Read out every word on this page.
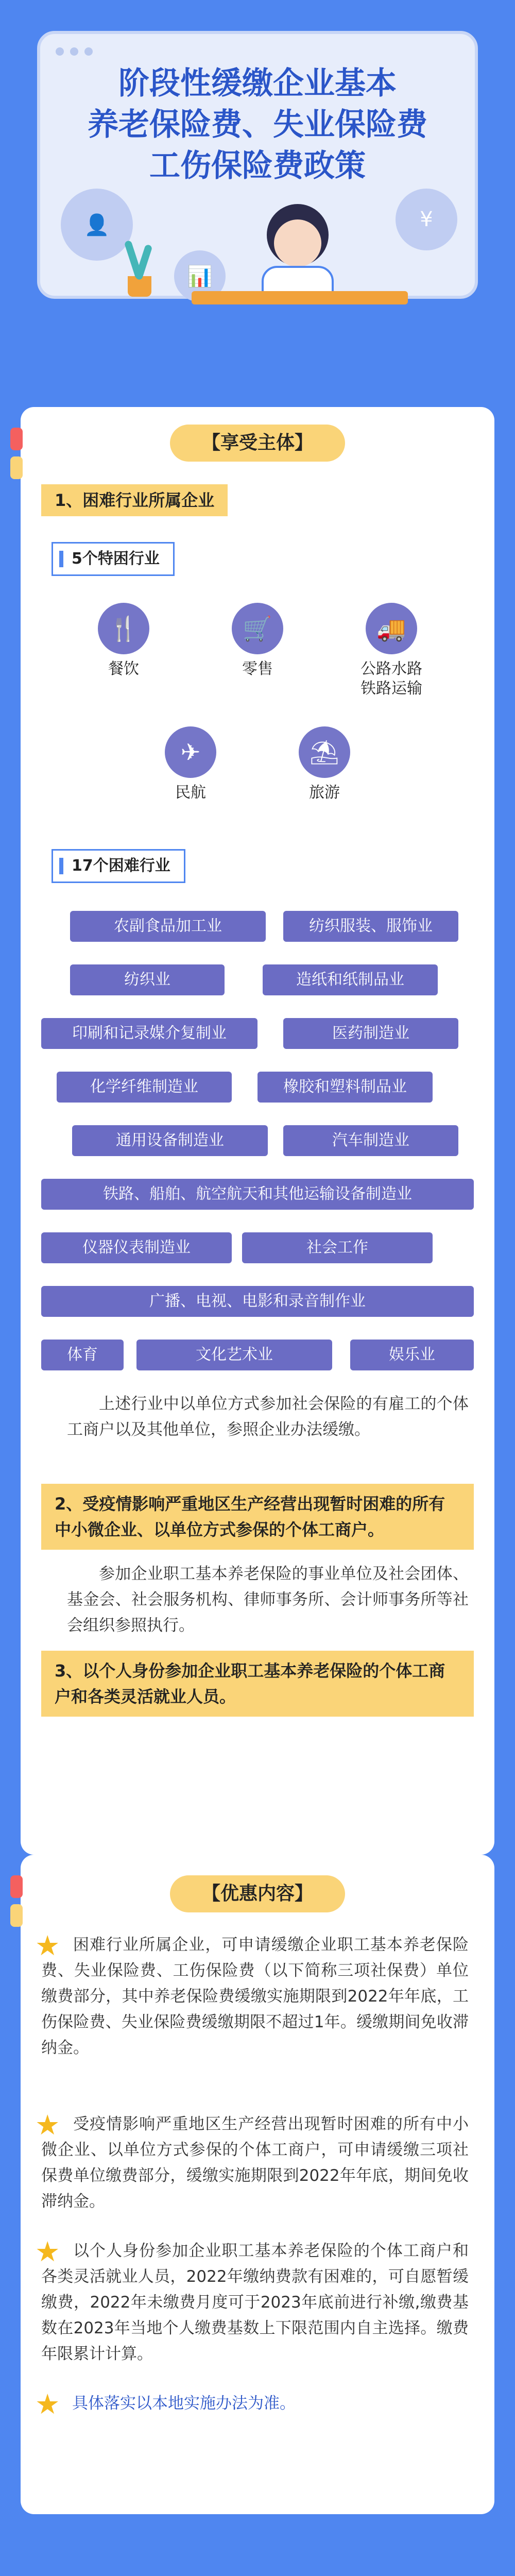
阶段性缓缴企业基本
养老保险费、失业保险费
工伤保险费政策
👤
📊
¥
【享受主体】
1、困难行业所属企业
5个特困行业
🍴
餐饮
🛒
零售
🚚
公路水路
铁路运输
✈
民航
⛱
旅游
17个困难行业
农副食品加工业	纺织服装、服饰业
纺织业	造纸和纸制品业
印刷和记录媒介复制业	医药制造业
化学纤维制造业	橡胶和塑料制品业
通用设备制造业	汽车制造业
铁路、船舶、航空航天和其他运输设备制造业
仪器仪表制造业	社会工作
广播、电视、电影和录音制作业
体育	文化艺术业	娱乐业
上述行业中以单位方式参加社会保险的有雇工的个体工商户以及其他单位，参照企业办法缓缴。
2、受疫情影响严重地区生产经营出现暂时困难的所有中小微企业、以单位方式参保的个体工商户。
参加企业职工基本养老保险的事业单位及社会团体、基金会、社会服务机构、律师事务所、会计师事务所等社会组织参照执行。
3、以个人身份参加企业职工基本养老保险的个体工商户和各类灵活就业人员。
【优惠内容】
★ 困难行业所属企业，可申请缓缴企业职工基本养老保险费、失业保险费、工伤保险费（以下简称三项社保费）单位缴费部分，其中养老保险费缓缴实施期限到2022年年底，工伤保险费、失业保险费缓缴期限不超过1年。缓缴期间免收滞纳金。
★ 受疫情影响严重地区生产经营出现暂时困难的所有中小微企业、以单位方式参保的个体工商户，可申请缓缴三项社保费单位缴费部分，缓缴实施期限到2022年年底，期间免收滞纳金。
★ 以个人身份参加企业职工基本养老保险的个体工商户和各类灵活就业人员，2022年缴纳费款有困难的，可自愿暂缓缴费，2022年未缴费月度可于2023年底前进行补缴,缴费基数在2023年当地个人缴费基数上下限范围内自主选择。缴费年限累计计算。
★ 具体落实以本地实施办法为准。
